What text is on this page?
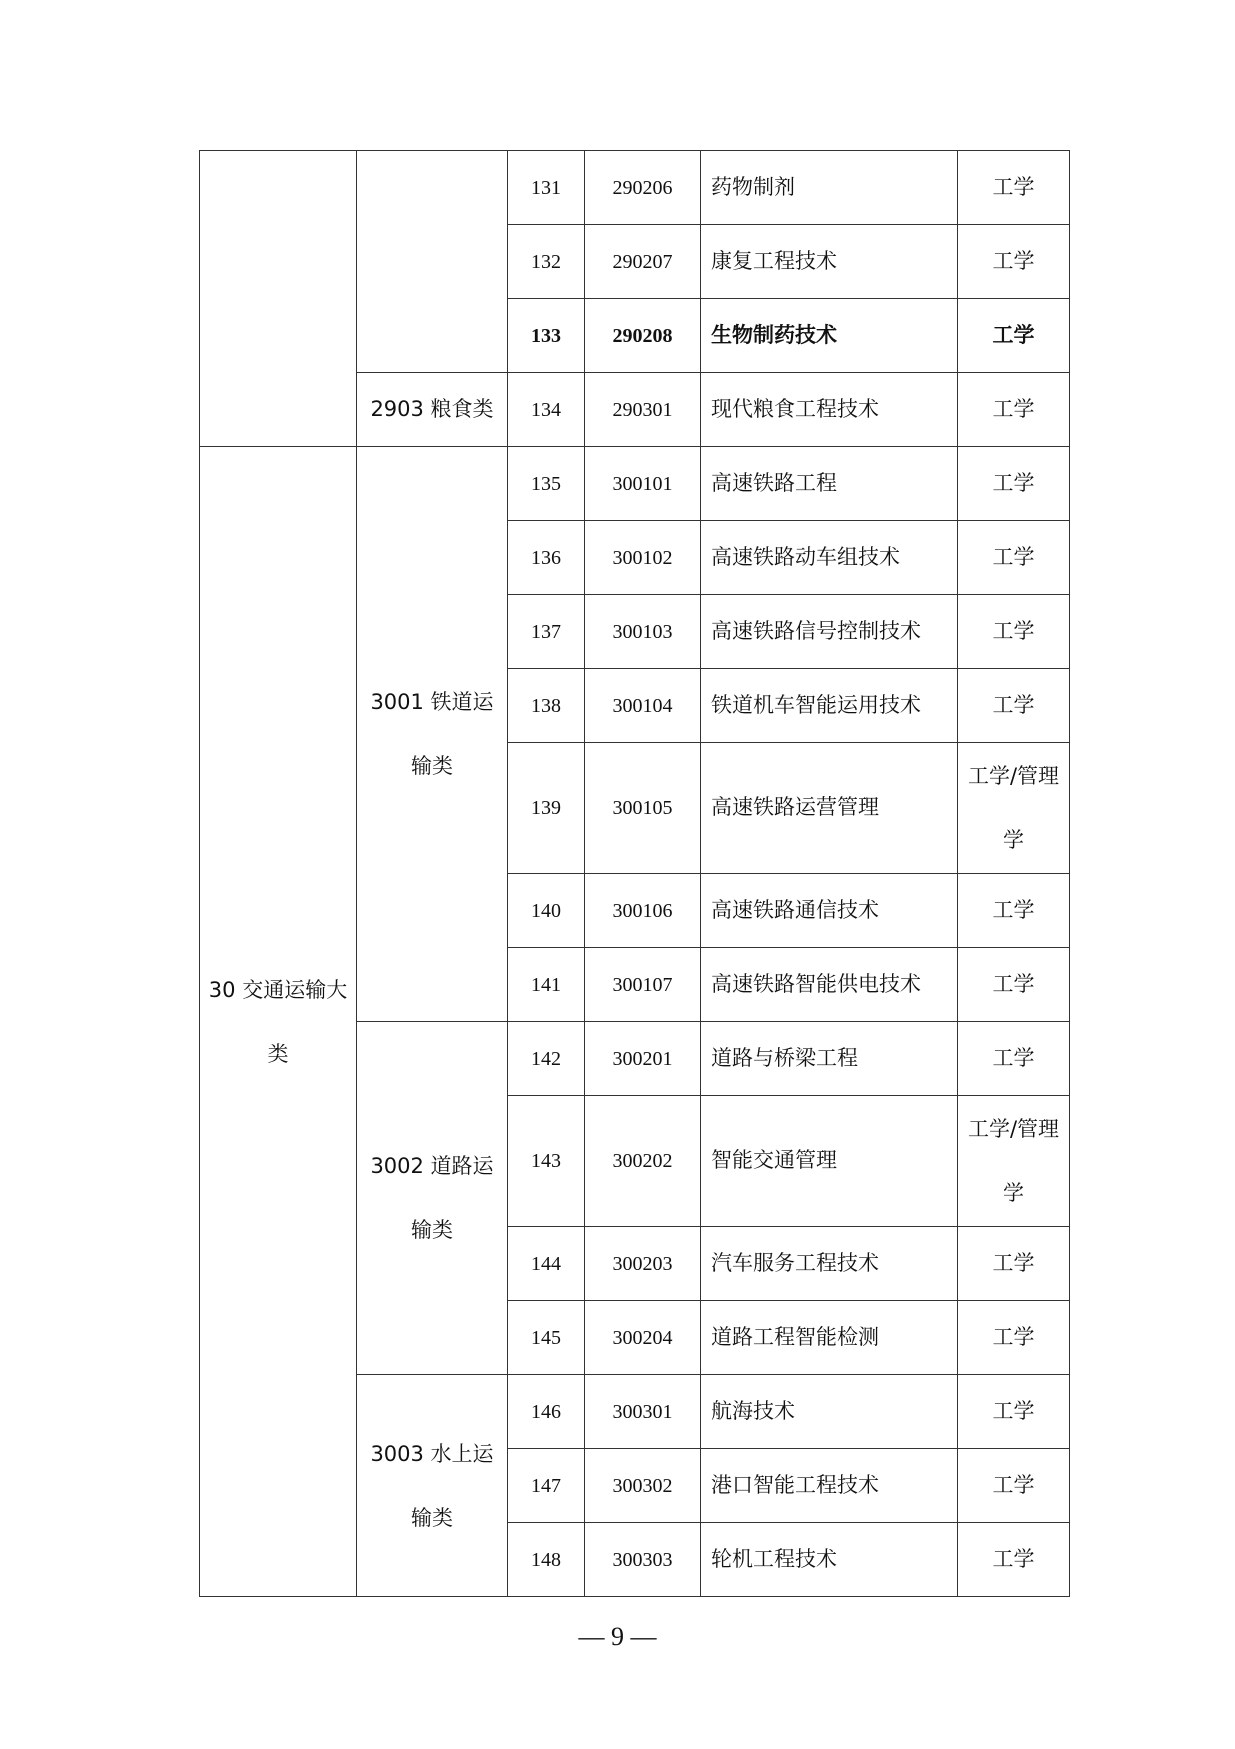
		131	290206	药物制剂	工学
		132	290207	康复工程技术	工学
		133	290208	生物制药技术	工学
	2903 粮食类	134	290301	现代粮食工程技术	工学
30 交通运输大类	3001 铁道运输类	135	300101	高速铁路工程	工学
		136	300102	高速铁路动车组技术	工学
		137	300103	高速铁路信号控制技术	工学
		138	300104	铁道机车智能运用技术	工学
		139	300105	高速铁路运营管理	工学/管理学
		140	300106	高速铁路通信技术	工学
		141	300107	高速铁路智能供电技术	工学
	3002 道路运输类	142	300201	道路与桥梁工程	工学
		143	300202	智能交通管理	工学/管理学
		144	300203	汽车服务工程技术	工学
		145	300204	道路工程智能检测	工学
	3003 水上运输类	146	300301	航海技术	工学
		147	300302	港口智能工程技术	工学
		148	300303	轮机工程技术	工学
— 9 —
